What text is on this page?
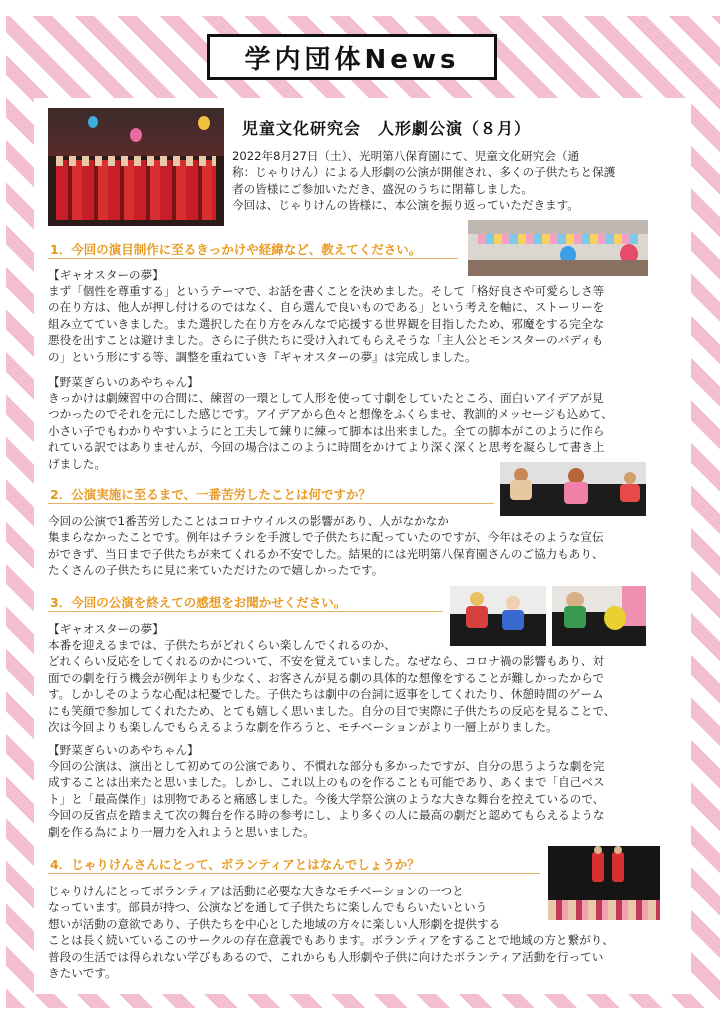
学内団体News
児童文化研究会　人形劇公演（８月）
2022年8月27日（土）、光明第八保育園にて、児童文化研究会（通
称：じゃりけん）による人形劇の公演が開催され、多くの子供たちと保護
者の皆様にご参加いただき、盛況のうちに閉幕しました。
今回は、じゃりけんの皆様に、本公演を振り返っていただきます。
1．今回の演目制作に至るきっかけや経緯など、教えてください。
【ギャオスターの夢】
まず「個性を尊重する」というテーマで、お話を書くことを決めました。そして「格好良さや可愛らしさ等
の在り方は、他人が押し付けるのではなく、自ら選んで良いものである」という考えを軸に、ストーリーを
組み立てていきました。また選択した在り方をみんなで応援する世界観を目指したため、邪魔をする完全な
悪役を出すことは避けました。さらに子供たちに受け入れてもらえそうな「主人公とモンスターのバディも
の」という形にする等、調整を重ねていき『ギャオスターの夢』は完成しました。
【野菜ぎらいのあやちゃん】
きっかけは劇練習中の合間に、練習の一環として人形を使って寸劇をしていたところ、面白いアイデアが見
つかったのでそれを元にした感じです。アイデアから色々と想像をふくらませ、教訓的メッセージも込めて、
小さい子でもわかりやすいようにと工夫して練りに練って脚本は出来ました。全ての脚本がこのように作ら
れている訳ではありませんが、今回の場合はこのように時間をかけてより深く深くと思考を凝らして書き上
げました。
2．公演実施に至るまで、一番苦労したことは何ですか？
今回の公演で1番苦労したことはコロナウイルスの影響があり、人がなかなか
集まらなかったことです。例年はチラシを手渡しで子供たちに配っていたのですが、今年はそのような宣伝
ができず、当日まで子供たちが来てくれるか不安でした。結果的には光明第八保育園さんのご協力もあり、
たくさんの子供たちに見に来ていただけたので嬉しかったです。
3．今回の公演を終えての感想をお聞かせください。
【ギャオスターの夢】
本番を迎えるまでは、子供たちがどれくらい楽しんでくれるのか、
どれくらい反応をしてくれるのかについて、不安を覚えていました。なぜなら、コロナ禍の影響もあり、対
面での劇を行う機会が例年よりも少なく、お客さんが見る劇の具体的な想像をすることが難しかったからで
す。しかしそのような心配は杞憂でした。子供たちは劇中の台詞に返事をしてくれたり、休憩時間のゲーム
にも笑顔で参加してくれたため、とても嬉しく思いました。自分の目で実際に子供たちの反応を見ることで、
次は今回よりも楽しんでもらえるような劇を作ろうと、モチベーションがより一層上がりました。
【野菜ぎらいのあやちゃん】
今回の公演は、演出として初めての公演であり、不慣れな部分も多かったですが、自分の思うような劇を完
成することは出来たと思いました。しかし、これ以上のものを作ることも可能であり、あくまで「自己ベス
ト」と「最高傑作」は別物であると痛感しました。今後大学祭公演のような大きな舞台を控えているので、
今回の反省点を踏まえて次の舞台を作る時の参考にし、より多くの人に最高の劇だと認めてもらえるような
劇を作る為により一層力を入れようと思いました。
4．じゃりけんさんにとって、ボランティアとはなんでしょうか？
じゃりけんにとってボランティアは活動に必要な大きなモチベーションの一つと
なっています。部員が持つ、公演などを通して子供たちに楽しんでもらいたいという
想いが活動の意欲であり、子供たちを中心とした地域の方々に楽しい人形劇を提供する
ことは長く続いているこのサークルの存在意義でもあります。ボランティアをすることで地域の方と繋がり、
普段の生活では得られない学びもあるので、これからも人形劇や子供に向けたボランティア活動を行ってい
きたいです。
